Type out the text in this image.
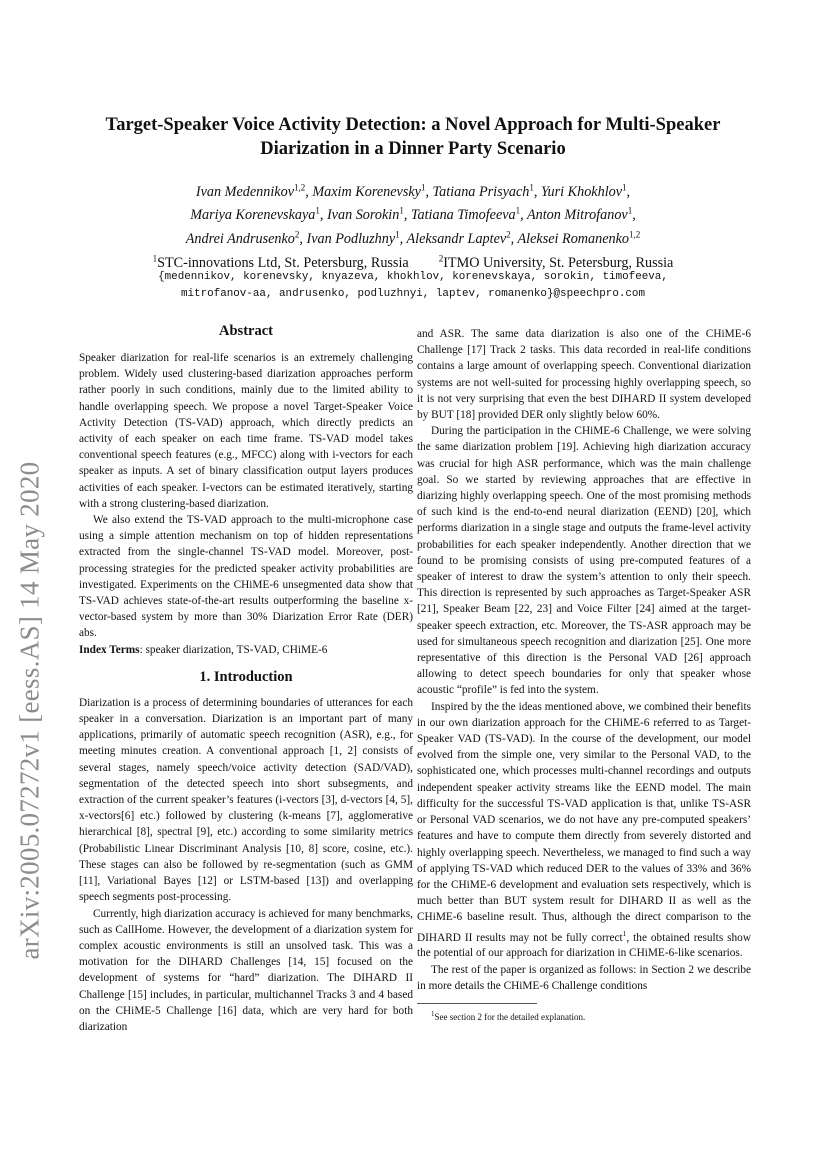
arXiv:2005.07272v1 [eess.AS] 14 May 2020
Target-Speaker Voice Activity Detection: a Novel Approach for Multi-Speaker Diarization in a Dinner Party Scenario
Ivan Medennikov$^{1,2}$, Maxim Korenevsky$^1$, Tatiana Prisyach$^1$, Yuri Khokhlov$^1$,
Mariya Korenevskaya$^1$, Ivan Sorokin$^1$, Tatiana Timofeeva$^1$, Anton Mitrofanov$^1$,
Andrei Andrusenko$^2$, Ivan Podluzhny$^1$, Aleksandr Laptev$^2$, Aleksei Romanenko$^{1,2}$
$^1$STC-innovations Ltd, St. Petersburg, Russia	$^2$ITMO University, St. Petersburg, Russia
{medennikov, korenevsky, knyazeva, khokhlov, korenevskaya, sorokin, timofeeva,
mitrofanov-aa, andrusenko, podluzhnyi, laptev, romanenko}@speechpro.com
Abstract

Speaker diarization for real-life scenarios is an extremely challenging problem. Widely used clustering-based diarization approaches perform rather poorly in such conditions, mainly due to the limited ability to handle overlapping speech. We propose a novel Target-Speaker Voice Activity Detection (TS-VAD) approach, which directly predicts an activity of each speaker on each time frame. TS-VAD model takes conventional speech features (e.g., MFCC) along with i-vectors for each speaker as inputs. A set of binary classification output layers produces activities of each speaker. I-vectors can be estimated iteratively, starting with a strong clustering-based diarization.

We also extend the TS-VAD approach to the multi-microphone case using a simple attention mechanism on top of hidden representations extracted from the single-channel TS-VAD model. Moreover, post-processing strategies for the predicted speaker activity probabilities are investigated. Experiments on the CHiME-6 unsegmented data show that TS-VAD achieves state-of-the-art results outperforming the baseline x-vector-based system by more than 30% Diarization Error Rate (DER) abs.

Index Terms: speaker diarization, TS-VAD, CHiME-6

1. Introduction

Diarization is a process of determining boundaries of utterances for each speaker in a conversation. Diarization is an important part of many applications, primarily of automatic speech recognition (ASR), e.g., for meeting minutes creation. A conventional approach [1, 2] consists of several stages, namely speech/voice activity detection (SAD/VAD), segmentation of the detected speech into short subsegments, and extraction of the current speaker’s features (i-vectors [3], d-vectors [4, 5], x-vectors[6] etc.) followed by clustering (k-means [7], agglomerative hierarchical [8], spectral [9], etc.) according to some similarity metrics (Probabilistic Linear Discriminant Analysis [10, 8] score, cosine, etc.). These stages can also be followed by re-segmentation (such as GMM [11], Variational Bayes [12] or LSTM-based [13]) and overlapping speech segments post-processing.

Currently, high diarization accuracy is achieved for many benchmarks, such as CallHome. However, the development of a diarization system for complex acoustic environments is still an unsolved task. This was a motivation for the DIHARD Challenges [14, 15] focused on the development of systems for “hard” diarization. The DIHARD II Challenge [15] includes, in particular, multichannel Tracks 3 and 4 based on the CHiME-5 Challenge [16] data, which are very hard for both diarization

and ASR. The same data diarization is also one of the CHiME-6 Challenge [17] Track 2 tasks. This data recorded in real-life conditions contains a large amount of overlapping speech. Conventional diarization systems are not well-suited for processing highly overlapping speech, so it is not very surprising that even the best DIHARD II system developed by BUT [18] provided DER only slightly below 60%.

During the participation in the CHiME-6 Challenge, we were solving the same diarization problem [19]. Achieving high diarization accuracy was crucial for high ASR performance, which was the main challenge goal. So we started by reviewing approaches that are effective in diarizing highly overlapping speech. One of the most promising methods of such kind is the end-to-end neural diarization (EEND) [20], which performs diarization in a single stage and outputs the frame-level activity probabilities for each speaker independently. Another direction that we found to be promising consists of using pre-computed features of a speaker of interest to draw the system’s attention to only their speech. This direction is represented by such approaches as Target-Speaker ASR [21], Speaker Beam [22, 23] and Voice Filter [24] aimed at the target-speaker speech extraction, etc. Moreover, the TS-ASR approach may be used for simultaneous speech recognition and diarization [25]. One more representative of this direction is the Personal VAD [26] approach allowing to detect speech boundaries for only that speaker whose acoustic “profile” is fed into the system.

Inspired by the the ideas mentioned above, we combined their benefits in our own diarization approach for the CHiME-6 referred to as Target-Speaker VAD (TS-VAD). In the course of the development, our model evolved from the simple one, very similar to the Personal VAD, to the sophisticated one, which processes multi-channel recordings and outputs independent speaker activity streams like the EEND model. The main difficulty for the successful TS-VAD application is that, unlike TS-ASR or Personal VAD scenarios, we do not have any pre-computed speakers’ features and have to compute them directly from severely distorted and highly overlapping speech. Nevertheless, we managed to find such a way of applying TS-VAD which reduced DER to the values of 33% and 36% for the CHiME-6 development and evaluation sets respectively, which is much better than BUT system result for DIHARD II as well as the CHiME-6 baseline result. Thus, although the direct comparison to the DIHARD II results may not be fully correct$^1$, the obtained results show the potential of our approach for diarization in CHiME-6-like scenarios.

The rest of the paper is organized as follows: in Section 2 we describe in more details the CHiME-6 Challenge conditions

$^1$See section 2 for the detailed explanation.
